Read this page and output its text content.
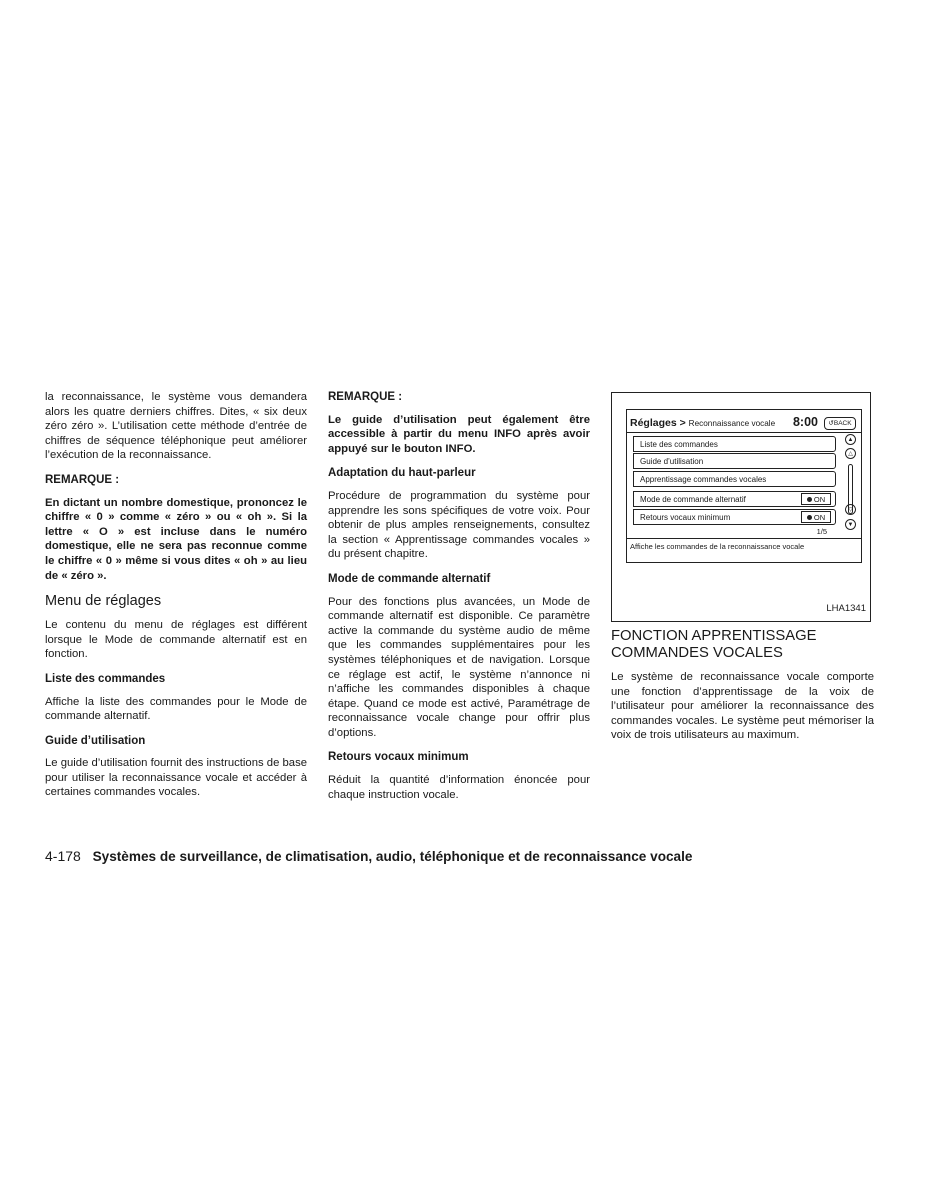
la reconnaissance, le système vous demandera alors les quatre derniers chiffres. Dites, « six deux zéro zéro ». L’utilisation cette méthode d’entrée de chiffres de séquence téléphonique peut améliorer l’exécution de la reconnaissance.

REMARQUE :

En dictant un nombre domestique, prononcez le chiffre « 0 » comme « zéro » ou « oh ». Si la lettre « O » est incluse dans le numéro domestique, elle ne sera pas reconnue comme le chiffre « 0 » même si vous dites « oh » au lieu de « zéro ».

Menu de réglages

Le contenu du menu de réglages est différent lorsque le Mode de commande alternatif est en fonction.

Liste des commandes

Affiche la liste des commandes pour le Mode de commande alternatif.

Guide d’utilisation

Le guide d’utilisation fournit des instructions de base pour utiliser la reconnaissance vocale et accéder à certaines commandes vocales.

REMARQUE :

Le guide d’utilisation peut également être accessible à partir du menu INFO après avoir appuyé sur le bouton INFO.

Adaptation du haut-parleur

Procédure de programmation du système pour apprendre les sons spécifiques de votre voix. Pour obtenir de plus amples renseignements, consultez la section « Apprentissage commandes vocales » du présent chapitre.

Mode de commande alternatif

Pour des fonctions plus avancées, un Mode de commande alternatif est disponible. Ce paramètre active la commande du système audio de même que les commandes supplémentaires pour les systèmes téléphoniques et de navigation. Lorsque ce réglage est actif, le système n’annonce ni n’affiche les commandes disponibles à chaque étape. Quand ce mode est activé, Paramétrage de reconnaissance vocale change pour offrir plus d’options.

Retours vocaux minimum

Réduit la quantité d’information énoncée pour chaque instruction vocale.

Réglages > Reconnaissance vocale 8:00	↺BACK
Liste des commandes
Guide d’utilisation
Apprentissage commandes vocales
Mode de commande alternatif	ON
Retours vocaux minimum	ON
▲
△
▽
▼
1/5
Affiche les commandes de la reconnaissance vocale
LHA1341
FONCTION APPRENTISSAGE COMMANDES VOCALES

Le système de reconnaissance vocale comporte une fonction d’apprentissage de la voix de l’utilisateur pour améliorer la reconnaissance des commandes vocales. Le système peut mémoriser la voix de trois utilisateurs au maximum.

4-178 Systèmes de surveillance, de climatisation, audio, téléphonique et de reconnaissance vocale
